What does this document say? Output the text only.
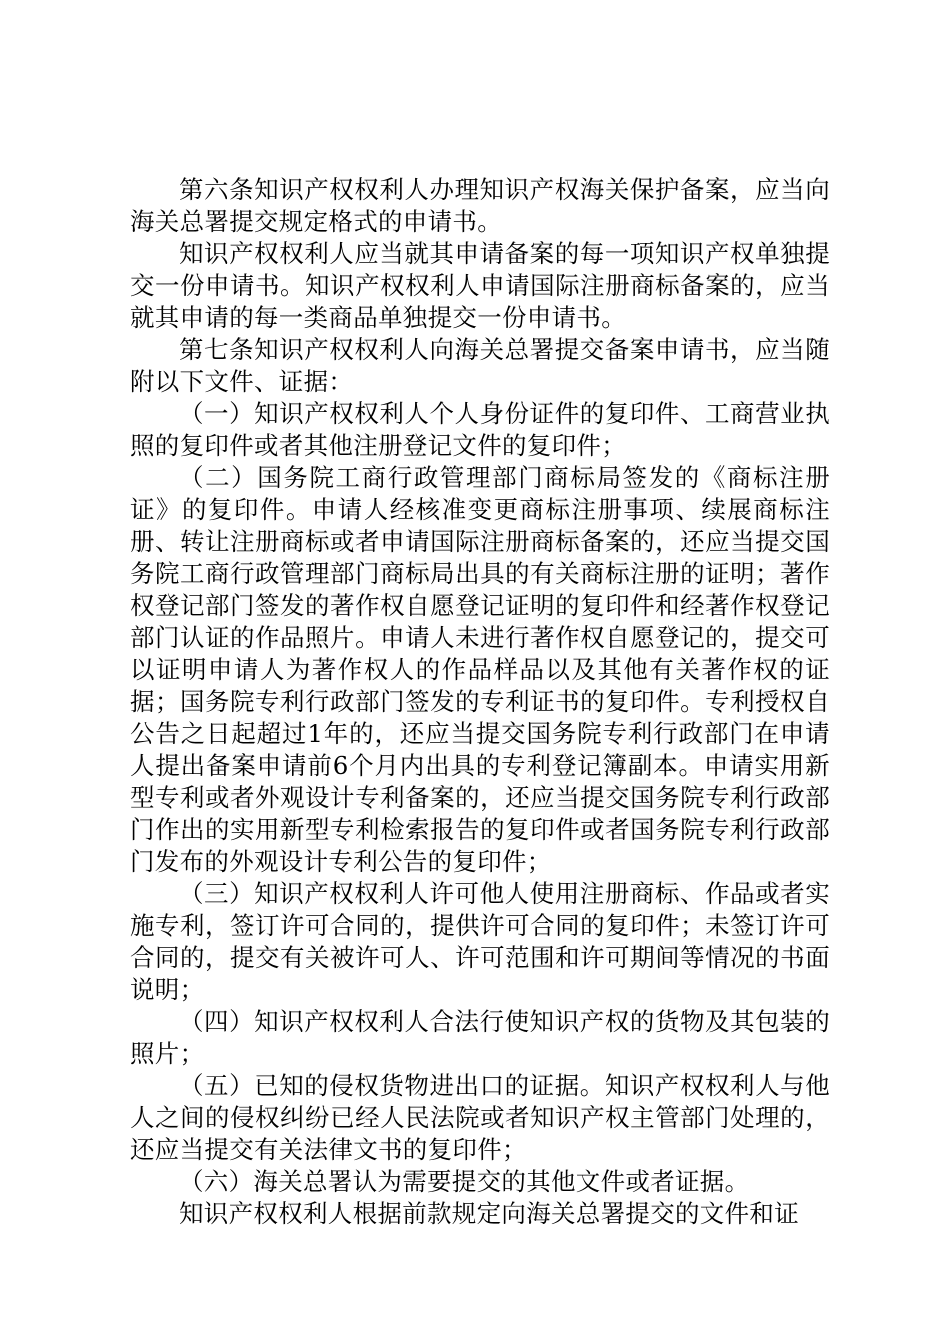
第六条知识产权权利人办理知识产权海关保护备案，应当向海关总署提交规定格式的申请书。

知识产权权利人应当就其申请备案的每一项知识产权单独提交一份申请书。知识产权权利人申请国际注册商标备案的，应当就其申请的每一类商品单独提交一份申请书。

第七条知识产权权利人向海关总署提交备案申请书，应当随附以下文件、证据：

（一）知识产权权利人个人身份证件的复印件、工商营业执照的复印件或者其他注册登记文件的复印件；

（二）国务院工商行政管理部门商标局签发的《商标注册证》的复印件。申请人经核准变更商标注册事项、续展商标注册、转让注册商标或者申请国际注册商标备案的，还应当提交国务院工商行政管理部门商标局出具的有关商标注册的证明；著作权登记部门签发的著作权自愿登记证明的复印件和经著作权登记部门认证的作品照片。申请人未进行著作权自愿登记的，提交可以证明申请人为著作权人的作品样品以及其他有关著作权的证据；国务院专利行政部门签发的专利证书的复印件。专利授权自公告之日起超过1年的，还应当提交国务院专利行政部门在申请人提出备案申请前6个月内出具的专利登记簿副本。申请实用新型专利或者外观设计专利备案的，还应当提交国务院专利行政部门作出的实用新型专利检索报告的复印件或者国务院专利行政部门发布的外观设计专利公告的复印件；

（三）知识产权权利人许可他人使用注册商标、作品或者实施专利，签订许可合同的，提供许可合同的复印件；未签订许可合同的，提交有关被许可人、许可范围和许可期间等情况的书面说明；

（四）知识产权权利人合法行使知识产权的货物及其包装的照片；

（五）已知的侵权货物进出口的证据。知识产权权利人与他人之间的侵权纠纷已经人民法院或者知识产权主管部门处理的，还应当提交有关法律文书的复印件；

（六）海关总署认为需要提交的其他文件或者证据。

知识产权权利人根据前款规定向海关总署提交的文件和证
